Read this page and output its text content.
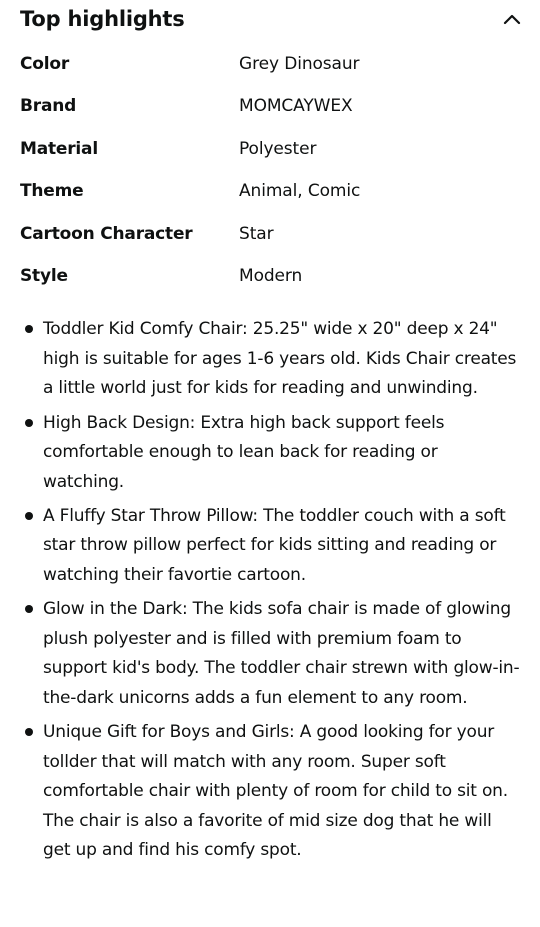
Top highlights
Color	Grey Dinosaur
Brand	MOMCAYWEX
Material	Polyester
Theme	Animal, Comic
Cartoon Character	Star
Style	Modern
Toddler Kid Comfy Chair: 25.25" wide x 20" deep x 24" high is suitable for ages 1-6 years old. Kids Chair creates a little world just for kids for reading and unwinding.
High Back Design: Extra high back support feels comfortable enough to lean back for reading or watching.
A Fluffy Star Throw Pillow: The toddler couch with a soft star throw pillow perfect for kids sitting and reading or watching their favortie cartoon.
Glow in the Dark: The kids sofa chair is made of glowing plush polyester and is filled with premium foam to support kid's body. The toddler chair strewn with glow-in-the-dark unicorns adds a fun element to any room.
Unique Gift for Boys and Girls: A good looking for your tollder that will match with any room. Super soft comfortable chair with plenty of room for child to sit on. The chair is also a favorite of mid size dog that he will get up and find his comfy spot.
